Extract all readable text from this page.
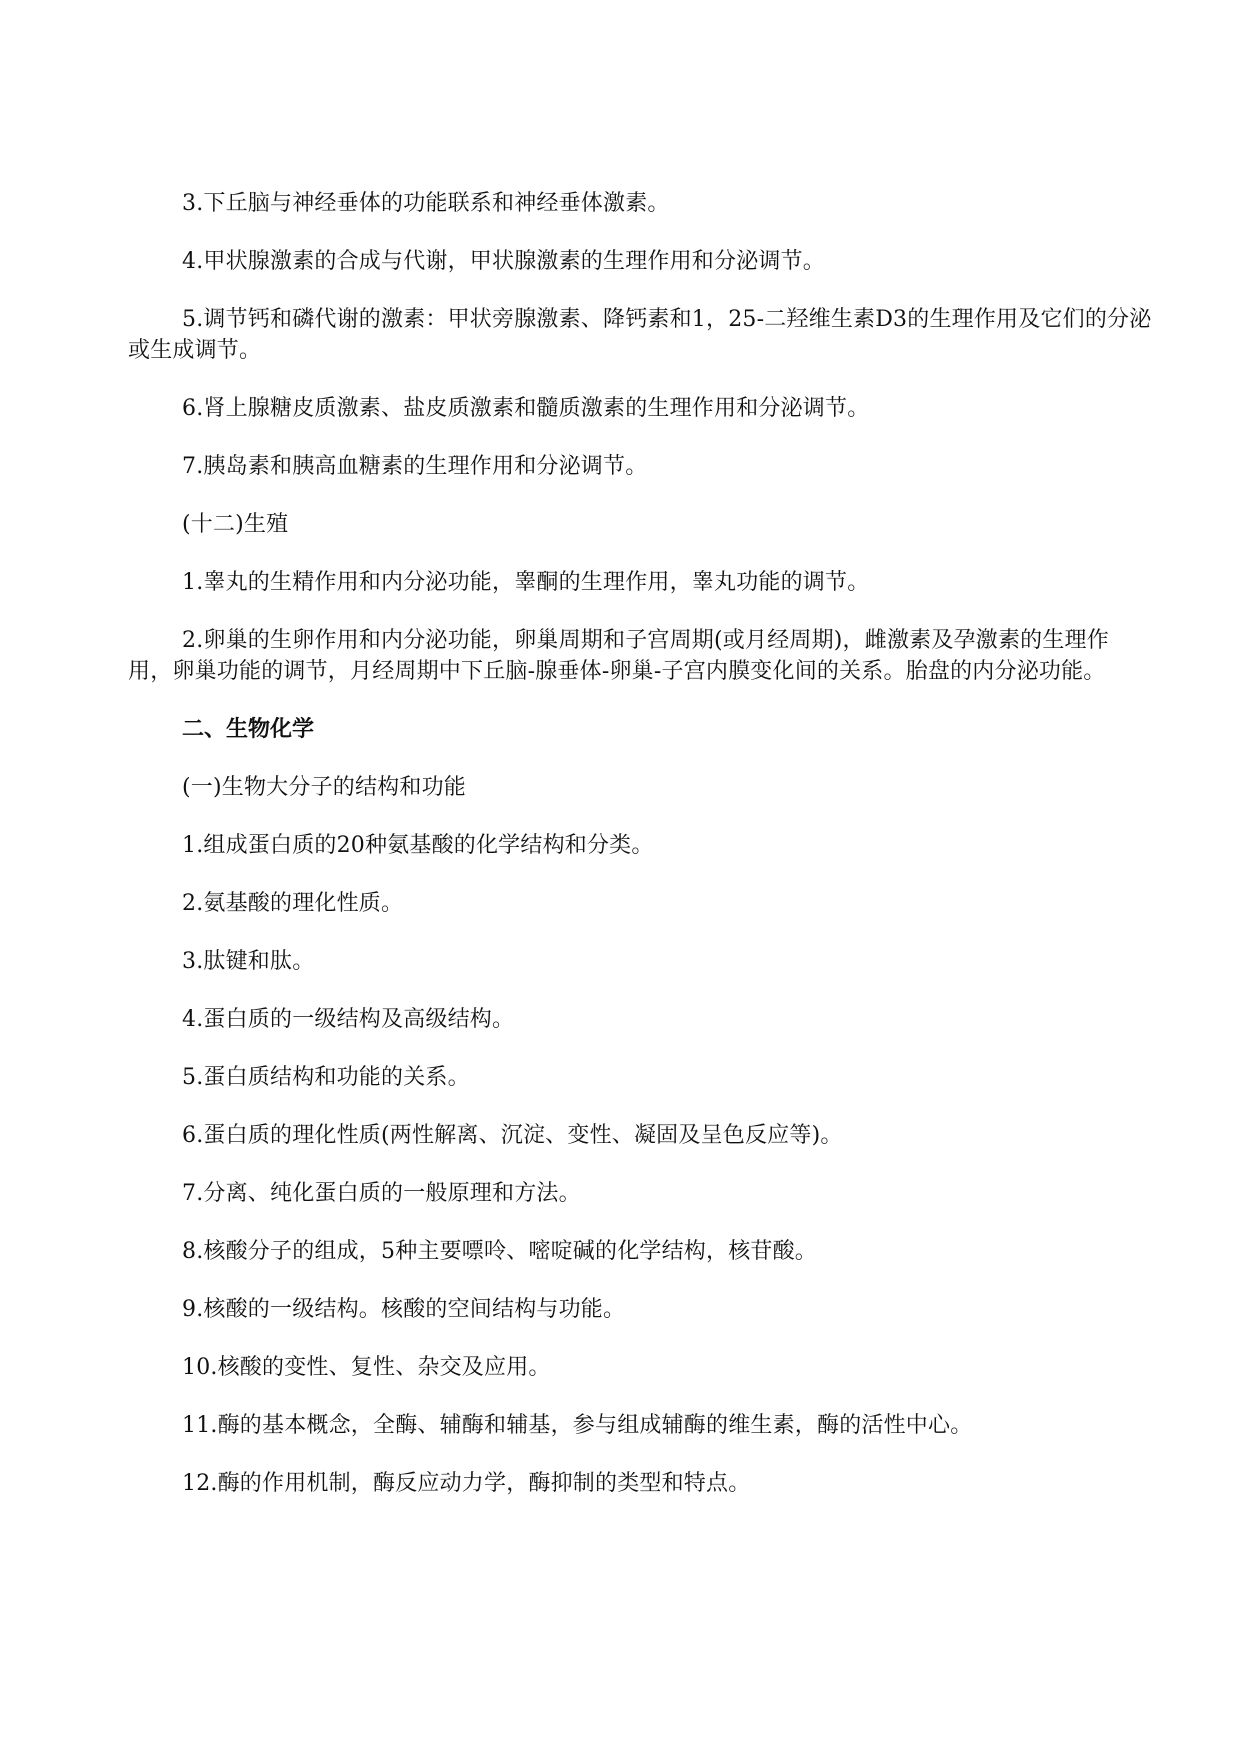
3.下丘脑与神经垂体的功能联系和神经垂体激素。

4.甲状腺激素的合成与代谢，甲状腺激素的生理作用和分泌调节。

5.调节钙和磷代谢的激素：甲状旁腺激素、降钙素和1，25-二羟维生素D3的生理作用及它们的分泌或生成调节。

6.肾上腺糖皮质激素、盐皮质激素和髓质激素的生理作用和分泌调节。

7.胰岛素和胰高血糖素的生理作用和分泌调节。

(十二)生殖

1.睾丸的生精作用和内分泌功能，睾酮的生理作用，睾丸功能的调节。

2.卵巢的生卵作用和内分泌功能，卵巢周期和子宫周期(或月经周期)，雌激素及孕激素的生理作用，卵巢功能的调节，月经周期中下丘脑-腺垂体-卵巢-子宫内膜变化间的关系。胎盘的内分泌功能。

二、生物化学

(一)生物大分子的结构和功能

1.组成蛋白质的20种氨基酸的化学结构和分类。

2.氨基酸的理化性质。

3.肽键和肽。

4.蛋白质的一级结构及高级结构。

5.蛋白质结构和功能的关系。

6.蛋白质的理化性质(两性解离、沉淀、变性、凝固及呈色反应等)。

7.分离、纯化蛋白质的一般原理和方法。

8.核酸分子的组成，5种主要嘌呤、嘧啶碱的化学结构，核苷酸。

9.核酸的一级结构。核酸的空间结构与功能。

10.核酸的变性、复性、杂交及应用。

11.酶的基本概念，全酶、辅酶和辅基，参与组成辅酶的维生素，酶的活性中心。

12.酶的作用机制，酶反应动力学，酶抑制的类型和特点。
